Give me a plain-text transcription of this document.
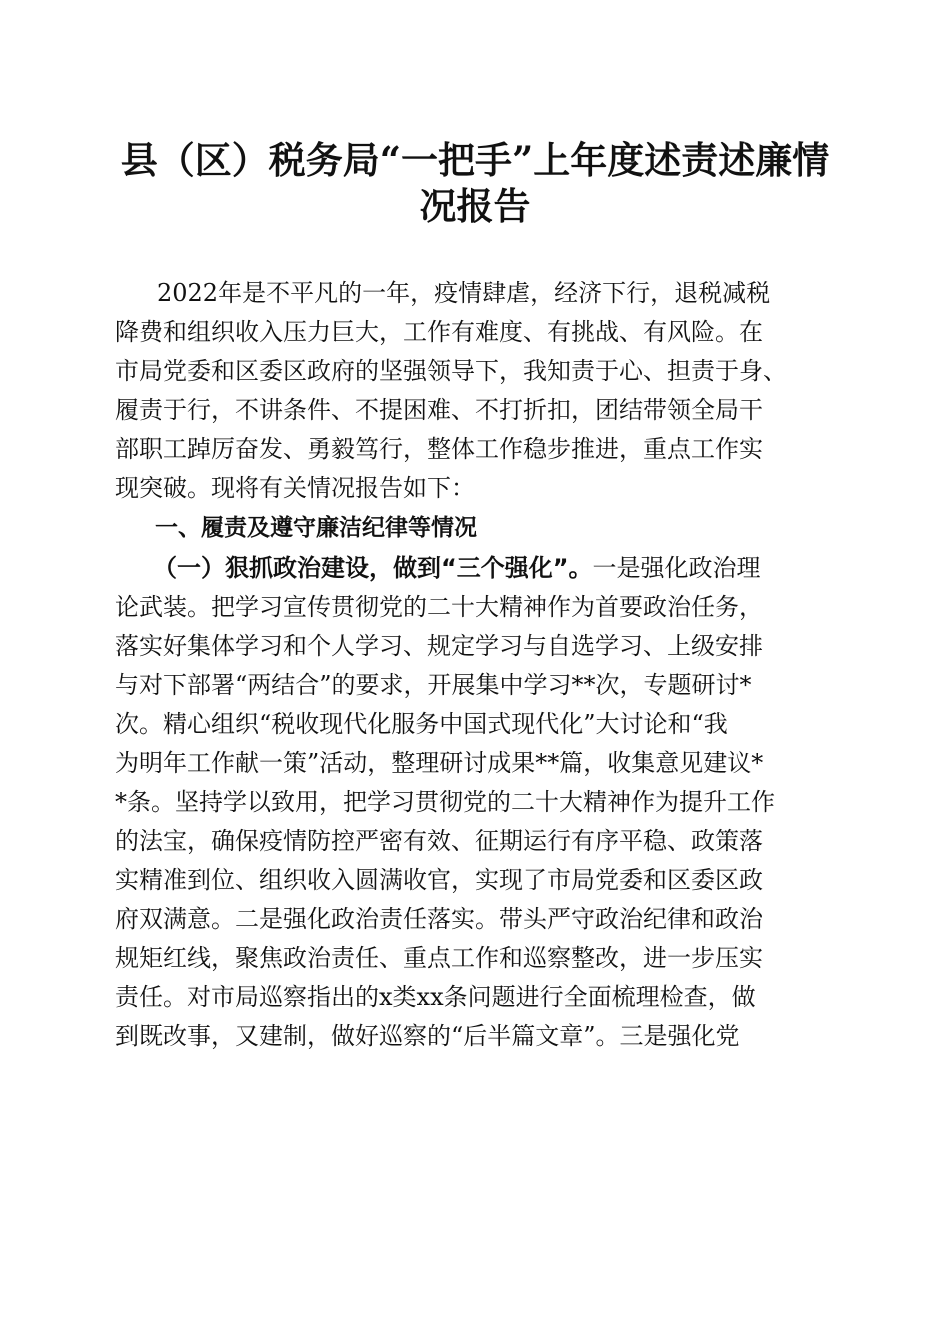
县（区）税务局“一把手”上年度述责述廉情
况报告

2022年是不平凡的一年，疫情肆虐，经济下行，退税减税

降费和组织收入压力巨大，工作有难度、有挑战、有风险。在

市局党委和区委区政府的坚强领导下，我知责于心、担责于身、

履责于行，不讲条件、不提困难、不打折扣，团结带领全局干

部职工踔厉奋发、勇毅笃行，整体工作稳步推进，重点工作实

现突破。现将有关情况报告如下：

一、履责及遵守廉洁纪律等情况

（一）狠抓政治建设，做到“三个强化”。一是强化政治理

论武装。把学习宣传贯彻党的二十大精神作为首要政治任务，

落实好集体学习和个人学习、规定学习与自选学习、上级安排

与对下部署“两结合”的要求，开展集中学习**次，专题研讨*

次。精心组织“税收现代化服务中国式现代化”大讨论和“我

为明年工作献一策”活动，整理研讨成果**篇，收集意见建议*

*条。坚持学以致用，把学习贯彻党的二十大精神作为提升工作

的法宝，确保疫情防控严密有效、征期运行有序平稳、政策落

实精准到位、组织收入圆满收官，实现了市局党委和区委区政

府双满意。二是强化政治责任落实。带头严守政治纪律和政治

规矩红线，聚焦政治责任、重点工作和巡察整改，进一步压实

责任。对市局巡察指出的x类xx条问题进行全面梳理检查，做

到既改事，又建制，做好巡察的“后半篇文章”。三是强化党
